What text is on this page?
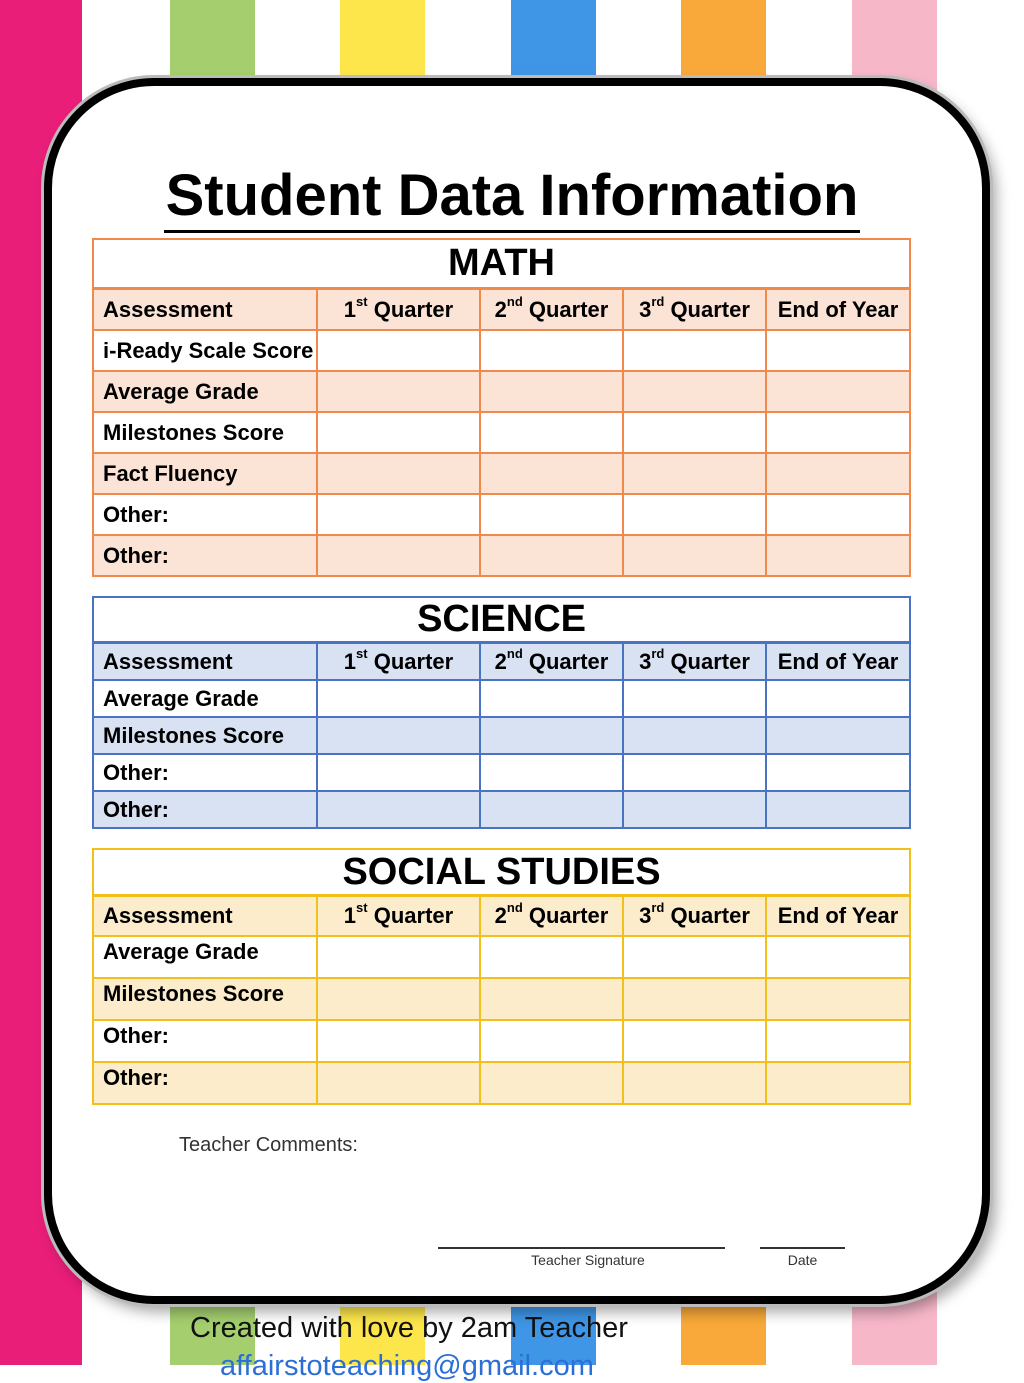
Student Data Information
MATH				
Assessment	1st Quarter	2nd Quarter	3rd Quarter	End of Year
i-Ready Scale Score				
Average Grade				
Milestones Score				
Fact Fluency				
Other:				
Other:				
SCIENCE				
Assessment	1st Quarter	2nd Quarter	3rd Quarter	End of Year
Average Grade				
Milestones Score				
Other:				
Other:				
SOCIAL STUDIES				
Assessment	1st Quarter	2nd Quarter	3rd Quarter	End of Year
Average Grade				
Milestones Score				
Other:				
Other:				
Teacher Comments:
Teacher Signature	Date
Created with love by 2am Teacher
affairstoteaching@gmail.com
